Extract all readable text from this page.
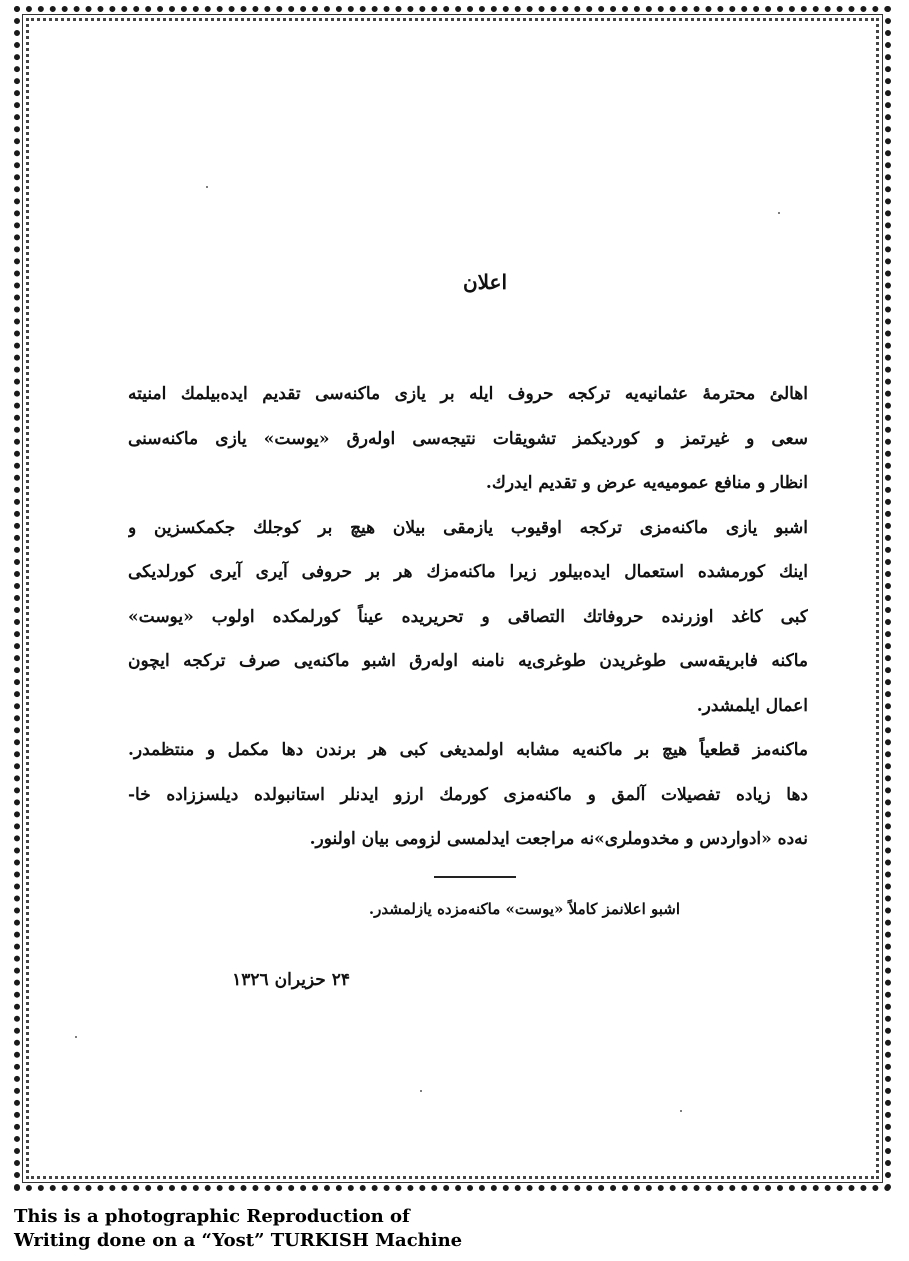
اعلان
اهالئ محترمهٔ عثمانیه‌یه ترکجه حروف ایله بر یازی ماکنه‌سی تقدیم ایده‌بیلمك امنیته
سعی و غیرتمز و کوردیکمز تشویقات نتیجه‌سی اوله‌رق «یوست» یازی ماکنه‌سنی
انظار و منافع عمومیه‌یه عرض و تقدیم ایدرك.
اشبو یازی ماکنه‌مزی ترکجه اوقیوب یازمقی بیلان هیچ بر کوجلك جکمکسزین و
اینك کورمشده استعمال ایده‌بیلور زیرا ماکنه‌مزك هر بر حروفی آیری آیری کورلدیکی
کبی کاغد اوزرنده حروفاتك التصاقی و تحریریده عیناً کورلمکده اولوب «یوست»
ماکنه فابریقه‌سی طوغریدن طوغری‌یه نامنه اوله‌رق اشبو ماکنه‌یی صرف ترکجه ایچون
اعمال ایلمشدر.
ماکنه‌مز قطعیاً هیچ بر ماکنه‌یه مشابه اولمدیغی کبی هر برندن دها مکمل و منتظمدر.
دها زیاده تفصیلات آلمق و ماکنه‌مزی کورمك ارزو ایدنلر استانبولده دیلسززاده خا-
نه‌ده «ادواردس و مخدوملری»نه مراجعت ایدلمسی لزومی بیان اولنور.
اشبو اعلانمز کاملاً «یوست» ماکنه‌مزده یازلمشدر.
۲۴ حزیران ۱۳۲٦
This is a photographic Reproduction of
Writing done on a “Yost” TURKISH Machine
